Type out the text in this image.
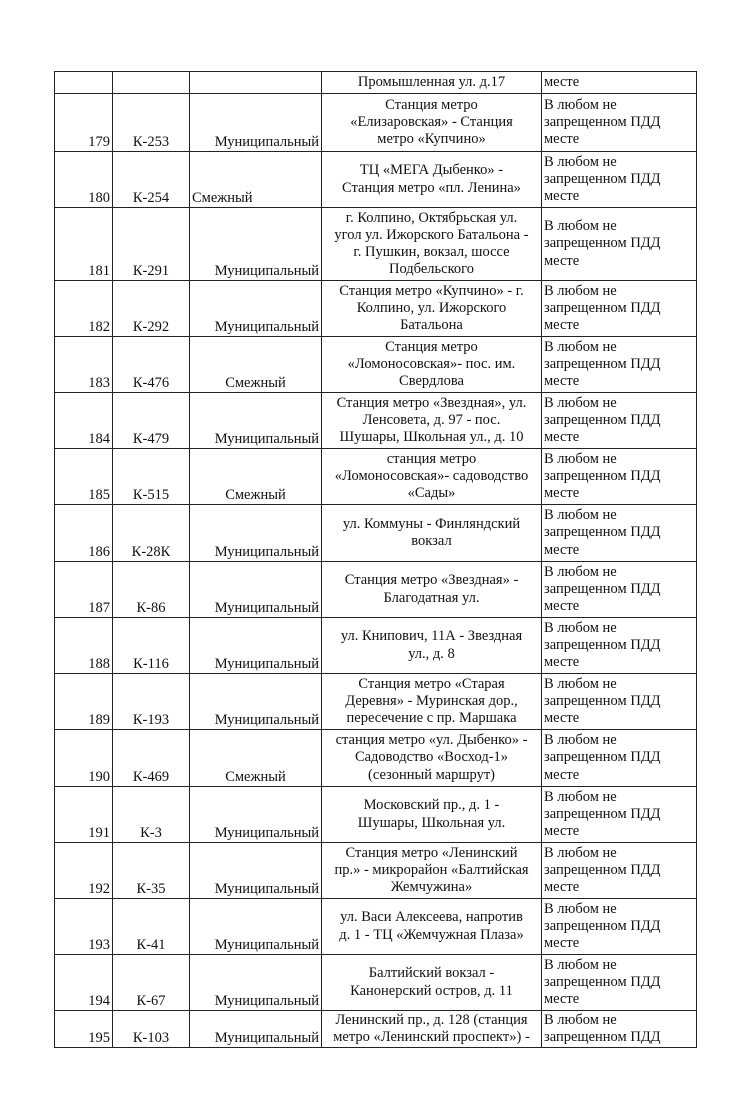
			Промышленная ул. д.17	месте

179	К-253	Муниципальный	Станция метро
«Елизаровская» - Станция
метро «Купчино»	В любом не
запрещенном ПДД
месте

180	К-254	Смежный	ТЦ «МЕГА Дыбенко» -
Станция метро «пл. Ленина»	В любом не
запрещенном ПДД
месте

181	К-291	Муниципальный	г. Колпино, Октябрьская ул.
угол ул. Ижорского Батальона -
г. Пушкин, вокзал, шоссе
Подбельского	В любом не
запрещенном ПДД
месте

182	К-292	Муниципальный	Станция метро «Купчино» - г.
Колпино, ул. Ижорского
Батальона	В любом не
запрещенном ПДД
месте

183	К-476	Смежный	Станция метро
«Ломоносовская»- пос. им.
Свердлова	В любом не
запрещенном ПДД
месте

184	К-479	Муниципальный	Станция метро «Звездная», ул.
Ленсовета, д. 97 - пос.
Шушары, Школьная ул., д. 10	В любом не
запрещенном ПДД
месте

185	К-515	Смежный	станция метро
«Ломоносовская»- садоводство
«Сады»	В любом не
запрещенном ПДД
месте

186	К-28К	Муниципальный	ул. Коммуны - Финляндский
вокзал	В любом не
запрещенном ПДД
месте

187	К-86	Муниципальный	Станция метро «Звездная» -
Благодатная ул.	В любом не
запрещенном ПДД
месте

188	К-116	Муниципальный	ул. Книпович, 11А - Звездная
ул., д. 8	В любом не
запрещенном ПДД
месте

189	К-193	Муниципальный	Станция метро «Старая
Деревня» - Муринская дор.,
пересечение с пр. Маршака	В любом не
запрещенном ПДД
месте

190	К-469	Смежный	станция метро «ул. Дыбенко» -
Садоводство «Восход-1»
(сезонный маршрут)	В любом не
запрещенном ПДД
месте

191	К-3	Муниципальный	Московский пр., д. 1 -
Шушары, Школьная ул.	В любом не
запрещенном ПДД
месте

192	К-35	Муниципальный	Станция метро «Ленинский
пр.» - микрорайон «Балтийская
Жемчужина»	В любом не
запрещенном ПДД
месте

193	К-41	Муниципальный	ул. Васи Алексеева, напротив
д. 1 - ТЦ «Жемчужная Плаза»	В любом не
запрещенном ПДД
месте

194	К-67	Муниципальный	Балтийский вокзал -
Канонерский остров, д. 11	В любом не
запрещенном ПДД
месте

195	К-103	Муниципальный	Ленинский пр., д. 128 (станция
метро «Ленинский проспект») -	В любом не
запрещенном ПДД
